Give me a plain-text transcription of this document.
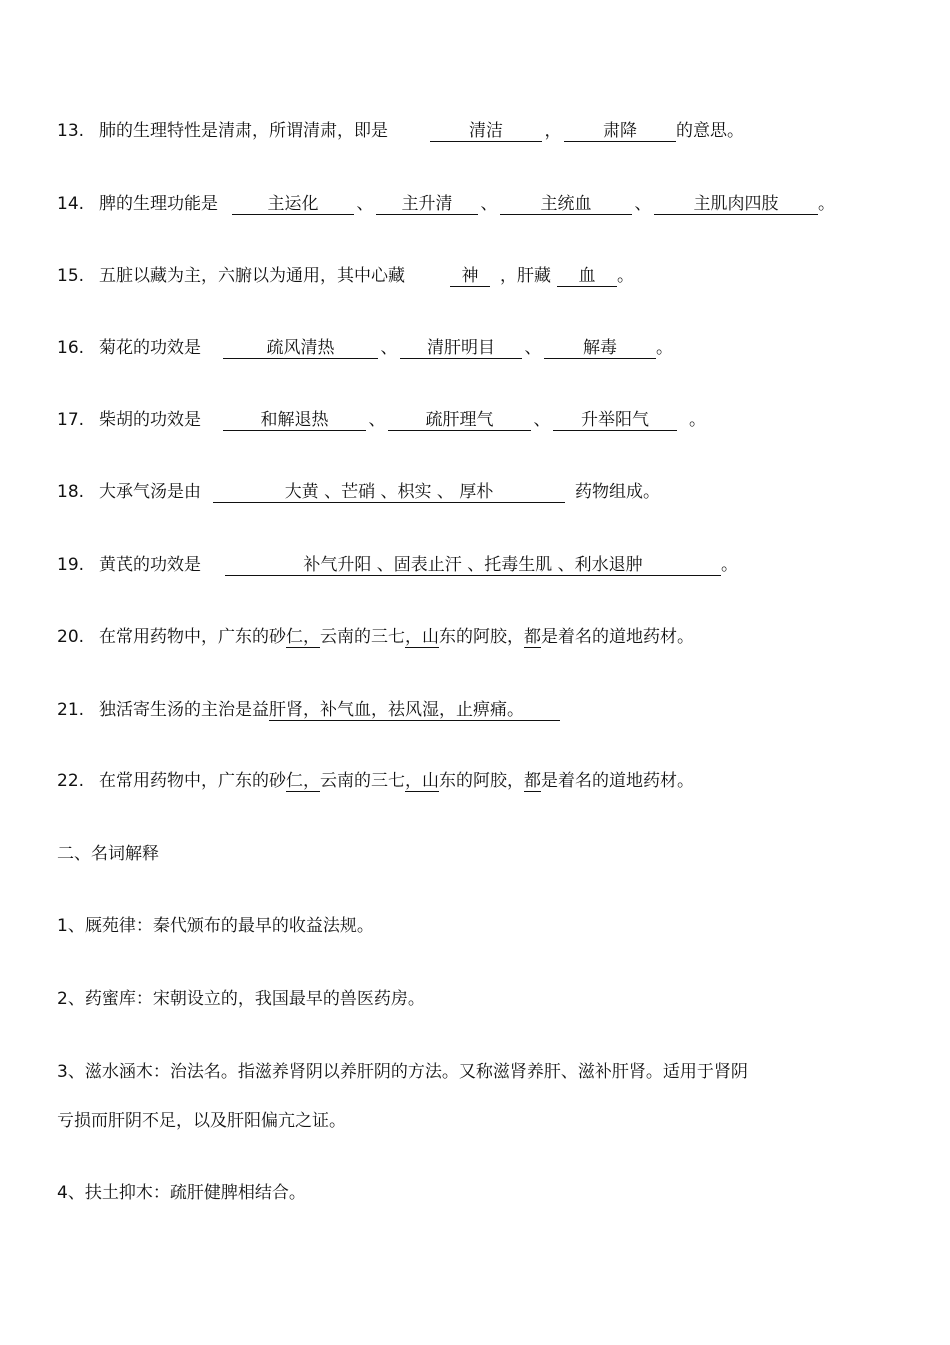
13. 肺的生理特性是清肃，所谓清肃，即是	清洁 ， 肃降 的意思。
14. 脾的生理功能是	主运化 、 主升清 、	主统血	、 主肌肉四肢 。
15. 五脏以藏为主，六腑以为通用，其中心藏	神 ，肝藏 血 。
16. 菊花的功效是	疏风清热	、 清肝明目 、 解毒 。
17. 柴胡的功效是	和解退热 、 疏肝理气 、 升举阳气 。
18. 大承气汤是由	大黄 、芒硝 、枳实 、 厚朴	药物组成。
19. 黄芪的功效是	补气升阳 、固表止汗 、托毒生肌 、利水退肿	。
20. 在常用药物中，广东的砂仁，云南的三七，山东的阿胶，都是着名的道地药材。
21. 独活寄生汤的主治是益肝肾，补气血，祛风湿，止痹痛。
22. 在常用药物中，广东的砂仁，云南的三七，山东的阿胶，都是着名的道地药材。
二、名词解释
1、厩苑律：秦代颁布的最早的收益法规。
2、药蜜库：宋朝设立的，我国最早的兽医药房。
3、滋水涵木：治法名。指滋养肾阴以养肝阴的方法。又称滋肾养肝、滋补肝肾。适用于肾阴
亏损而肝阴不足，以及肝阳偏亢之证。
4、扶土抑木：疏肝健脾相结合。
